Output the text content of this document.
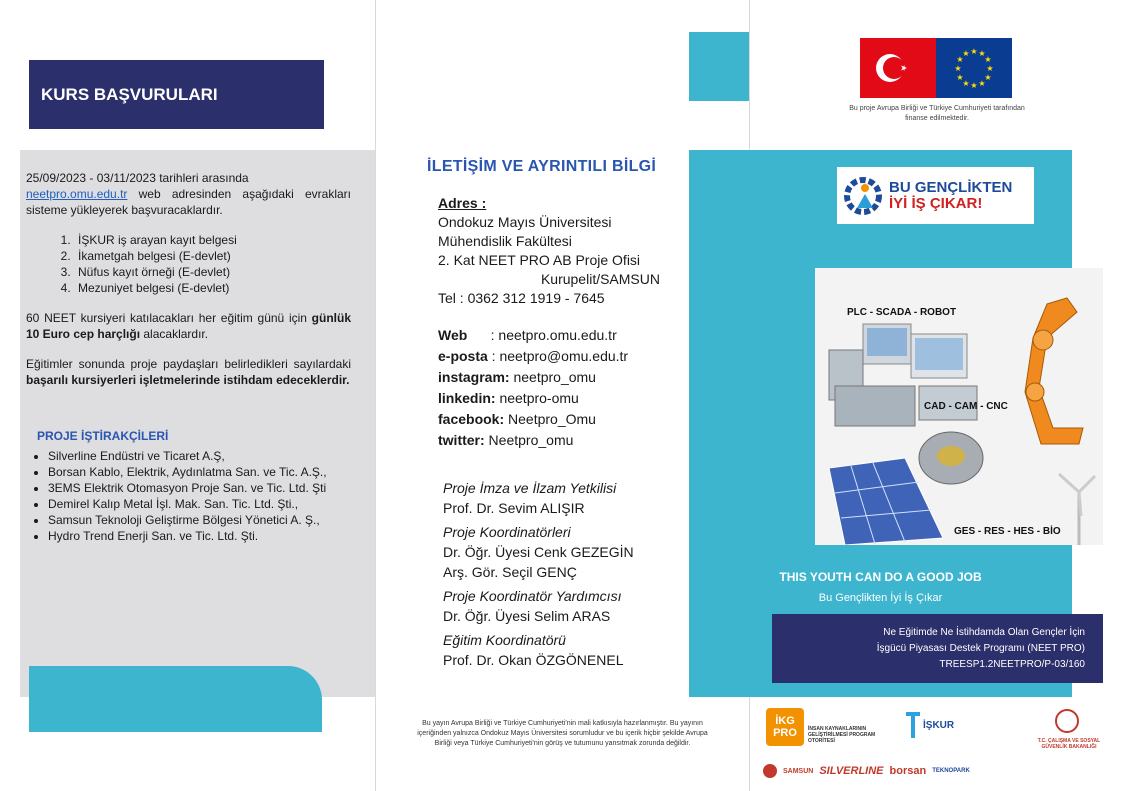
KURS BAŞVURULARI

25/09/2023 - 03/11/2023 tarihleri arasında

neetpro.omu.edu.tr web adresinden aşağıdaki evrakları sisteme yükleyerek başvuracaklardır.

1. İŞKUR iş arayan kayıt belgesi
2. İkametgah belgesi (E-devlet)
3. Nüfus kayıt örneği (E-devlet)
4. Mezuniyet belgesi (E-devlet)

60 NEET kursiyeri katılacakları her eğitim günü için günlük 10 Euro cep harçlığı alacaklardır.

Eğitimler sonunda proje paydaşları belirledikleri sayılardaki başarılı kursiyerleri işletmelerinde istihdam edeceklerdir.

PROJE İŞTİRAKÇİLERİ
• Silverline Endüstri ve Ticaret A.Ş,
• Borsan Kablo, Elektrik, Aydınlatma San. ve Tic. A.Ş.,
• 3EMS Elektrik Otomasyon Proje San. ve Tic. Ltd. Şti
• Demirel Kalıp Metal İşl. Mak. San. Tic. Ltd. Şti.,
• Samsun Teknoloji Geliştirme Bölgesi Yönetici A. Ş.,
• Hydro Trend Enerji San. ve Tic. Ltd. Şti.
İLETİŞİM VE AYRINTILI BİLGİ
Adres :
Ondokuz Mayıs Üniversitesi
Mühendislik Fakültesi
2. Kat NEET PRO AB Proje Ofisi
Kurupelit/SAMSUN
Tel : 0362 312 1919 - 7645
Web      : neetpro.omu.edu.tr
e-posta : neetpro@omu.edu.tr
instagram: neetpro_omu
linkedin: neetpro-omu
facebook: Neetpro_Omu
twitter: Neetpro_omu
Proje İmza ve İlzam Yetkilisi
Prof. Dr. Sevim ALIŞIR
Proje Koordinatörleri
Dr. Öğr. Üyesi Cenk GEZEGİN
Arş. Gör. Seçil GENÇ
Proje Koordinatör Yardımcısı
Dr. Öğr. Üyesi Selim ARAS
Eğitim Koordinatörü
Prof. Dr. Okan ÖZGÖNENEL
Bu yayın Avrupa Birliği ve Türkiye Cumhuriyeti'nin mali katkısıyla hazırlanmıştır. Bu yayının içeriğinden yalnızca Ondokuz Mayıs Üniversitesi sorumludur ve bu içerik hiçbir şekilde Avrupa Birliği veya Türkiye Cumhuriyeti'nin görüş ve tutumunu yansıtmak zorunda değildir.
★ ★
★
★
★
★
★
★
★
★
★
★
Bu proje Avrupa Birliği ve Türkiye Cumhuriyeti tarafından finanse edilmektedir.
BU GENÇLİKTEN
İYİ İŞ ÇIKAR!
PLC - SCADA - ROBOT
CAD - CAM - CNC
GES - RES - HES - BİO
THIS YOUTH CAN DO A GOOD JOB
Bu Gençlikten İyi İş Çıkar
Ne Eğitimde Ne İstihdamda Olan Gençler İçin
İşgücü Piyasası Destek Programı (NEET PRO)
TREESP1.2NEETPRO/P-03/160
İKG PRO	İNSAN KAYNAKLARININ GELİŞTİRİLMESİ PROGRAM OTORİTESİ
İŞKUR
T.C. ÇALIŞMA VE SOSYAL GÜVENLİK BAKANLIĞI
SAMSUN SILVERLINE borsan TEKNOPARK
